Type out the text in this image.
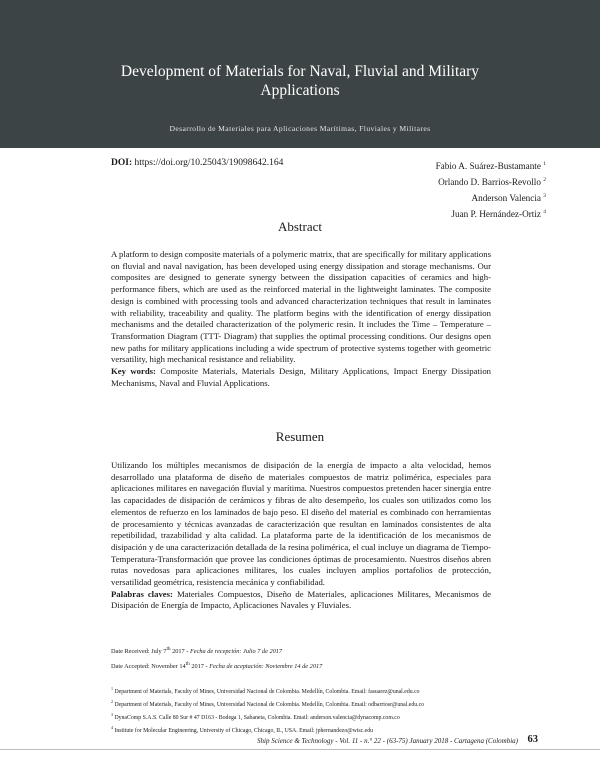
Development of Materials for Naval, Fluvial and Military Applications
Desarrollo de Materiales para Aplicaciones Marítimas, Fluviales y Militares
DOI: https://doi.org/10.25043/19098642.164	Fabio A. Suárez-Bustamante $^1$
Orlando D. Barrios-Revollo $^2$
Anderson Valencia $^3$
Juan P. Hernández-Ortiz $^4$
Abstract
A platform to design composite materials of a polymeric matrix, that are specifically for military applications on fluvial and naval navigation, has been developed using energy dissipation and storage mechanisms. Our composites are designed to generate synergy between the dissipation capacities of ceramics and high-performance fibers, which are used as the reinforced material in the lightweight laminates. The composite design is combined with processing tools and advanced characterization techniques that result in laminates with reliability, traceability and quality. The platform begins with the identification of energy dissipation mechanisms and the detailed characterization of the polymeric resin. It includes the Time – Temperature – Transformation Diagram (TTT- Diagram) that supplies the optimal processing conditions. Our designs open new paths for military applications including a wide spectrum of protective systems together with geometric versatility, high mechanical resistance and reliability.
Key words: Composite Materials, Materials Design, Military Applications, Impact Energy Dissipation Mechanisms, Naval and Fluvial Applications.
Resumen
Utilizando los múltiples mecanismos de disipación de la energía de impacto a alta velocidad, hemos desarrollado una plataforma de diseño de materiales compuestos de matriz polimérica, especiales para aplicaciones militares en navegación fluvial y marítima. Nuestros compuestos pretenden hacer sinergia entre las capacidades de disipación de cerámicos y fibras de alto desempeño, los cuales son utilizados como los elementos de refuerzo en los laminados de bajo peso. El diseño del material es combinado con herramientas de procesamiento y técnicas avanzadas de caracterización que resultan en laminados consistentes de alta repetibilidad, trazabilidad y alta calidad. La plataforma parte de la identificación de los mecanismos de disipación y de una caracterización detallada de la resina polimérica, el cual incluye un diagrama de Tiempo-Temperatura-Transformación que provee las condiciones óptimas de procesamiento. Nuestros diseños abren rutas novedosas para aplicaciones militares, los cuales incluyen amplios portafolios de protección, versatilidad geométrica, resistencia mecánica y confiabilidad.
Palabras claves: Materiales Compuestos, Diseño de Materiales, aplicaciones Militares, Mecanismos de Disipación de Energía de Impacto, Aplicaciones Navales y Fluviales.
Date Received: July 7th 2017 - Fecha de recepción: Julio 7 de 2017
Date Accepted: November 14th 2017 - Fecha de aceptación: Noviembre 14 de 2017
$^1$ Department of Materials, Faculty of Mines, Universidad Nacional de Colombia. Medellín, Colombia. Email: fasuarez@unal.edu.co
$^2$ Department of Materials, Faculty of Mines, Universidad Nacional de Colombia. Medellín, Colombia. Email: odbarriosr@unal.edu.co
$^3$ DynaComp S.A.S. Calle 80 Sur # 47 D163 - Bodega 1, Sabaneta, Colombia. Email: anderson.valencia@dynacomp.com.co
$^4$ Institute for Molecular Engineering, University of Chicago, Chicago, IL, USA. Email: jphernandezo@wisc.edu
Ship Science & Technology - Vol. 11 - n.° 22 - (63-75) January 2018 - Cartagena (Colombia) 63
